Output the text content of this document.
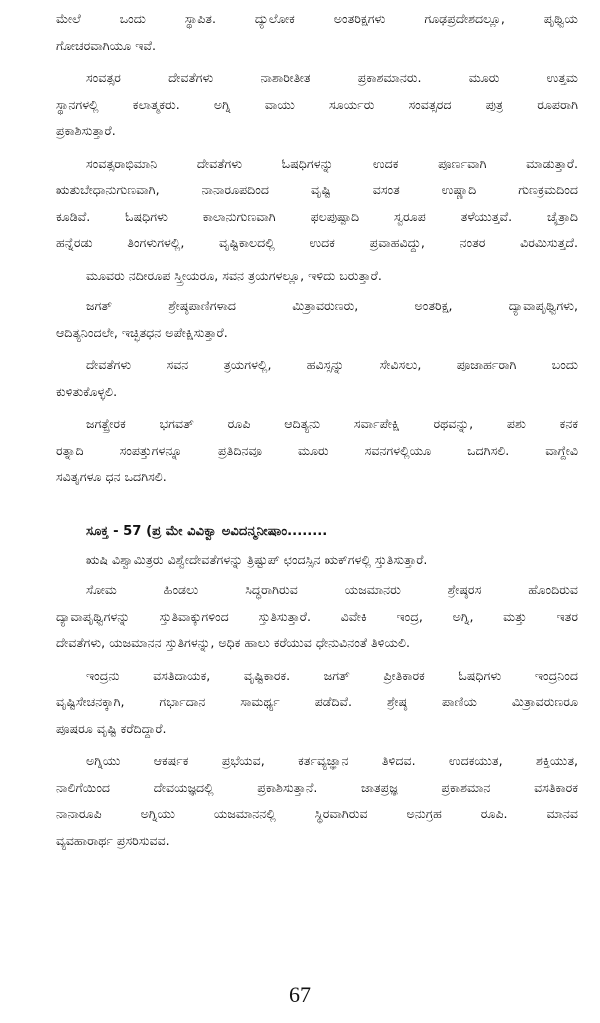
ಮೇಲೆ ಒಂದು ಸ್ಥಾಪಿತ. ದ್ಯುಲೋಕ ಅಂತರಿಕ್ಷಗಳು ಗೂಢಪ್ರದೇಶದಲ್ಲೂ, ಪೃಥ್ವಿಯ
ಗೋಚರವಾಗಿಯೂ ಇವೆ.
ಸಂವತ್ಸರ ದೇವತೆಗಳು ನಾಶಾರೀತೀತ ಪ್ರಕಾಶಮಾನರು. ಮೂರು ಉತ್ತಮ
ಸ್ಥಾನಗಳಲ್ಲಿ ಕಲಾತ್ಮಕರು. ಅಗ್ನಿ ವಾಯು ಸೂರ್ಯರು ಸಂವತ್ಸರದ ಪುತ್ರ ರೂಪರಾಗಿ
ಪ್ರಕಾಶಿಸುತ್ತಾರೆ.
ಸಂವತ್ಸರಾಭಿಮಾನಿ ದೇವತೆಗಳು ಓಷಧಿಗಳನ್ನು ಉದಕ ಪೂರ್ಣವಾಗಿ ಮಾಡುತ್ತಾರೆ.
ಋತುಬೇಧಾನುಗುಣವಾಗಿ, ನಾನಾರೂಪದಿಂದ ವೃಷ್ಟಿ ವಸಂತ ಉಷ್ಣಾದಿ ಗುಣಕ್ರಮದಿಂದ
ಕೂಡಿವೆ. ಓಷಧಿಗಳು ಕಾಲಾನುಗುಣವಾಗಿ ಫಲಪುಷ್ಪಾದಿ ಸ್ವರೂಪ ತಳೆಯುತ್ತವೆ. ಚೈತ್ರಾದಿ
ಹನ್ನೆರಡು ತಿಂಗಳುಗಳಲ್ಲಿ, ವೃಷ್ಟಿಕಾಲದಲ್ಲಿ ಉದಕ ಪ್ರವಾಹವಿದ್ದು, ನಂತರ ವಿರಮಿಸುತ್ತದೆ.
ಮೂವರು ನದೀರೂಪ ಸ್ತ್ರೀಯರೂ, ಸವನ ತ್ರಯಗಳಲ್ಲೂ, ಇಳಿದು ಬರುತ್ತಾರೆ.
ಜಗತ್ ಶ್ರೇಷ್ಠಪಾಣಿಗಳಾದ ಮಿತ್ರಾವರುಣರು, ಅಂತರಿಕ್ಷ, ದ್ಯಾವಾಪೃಥ್ವಿಗಳು,
ಆದಿತ್ಯನಿಂದಲೇ, ಇಚ್ಛಿತಧನ ಅಪೇಕ್ಷಿಸುತ್ತಾರೆ.
ದೇವತೆಗಳು ಸವನ ತ್ರಯಗಳಲ್ಲಿ, ಹವಿಸ್ಸನ್ನು ಸೇವಿಸಲು, ಪೂಜಾರ್ಹರಾಗಿ ಬಂದು
ಕುಳಿತುಕೊಳ್ಳಲಿ.
ಜಗತ್ಪ್ರೇರಕ ಭಗವತ್ ರೂಪಿ ಆದಿತ್ಯನು ಸರ್ವಾಪೇಕ್ಷಿ ರಥವನ್ನು, ಪಶು ಕನಕ
ರತ್ನಾದಿ ಸಂಪತ್ತುಗಳನ್ನೂ ಪ್ರತಿದಿನವೂ ಮೂರು ಸವನಗಳಲ್ಲಿಯೂ ಒದಗಿಸಲಿ. ವಾಗ್ದೇವಿ
ಸವಿತೃಗಳೂ ಧನ ಒದಗಿಸಲಿ.
ಸೂಕ್ತ - 57 (ಪ್ರ ಮೇ ವಿವಿಕ್ವಾ ಅವಿದನ್ಮನೀಷಾಂ........
ಋಷಿ ವಿಶ್ವಾಮಿತ್ರರು ವಿಶ್ವೇದೇವತೆಗಳನ್ನು ತ್ರಿಷ್ಟುಪ್ ಛಂದಸ್ಸಿನ ಋಕ್‌ಗಳಲ್ಲಿ ಸ್ತುತಿಸುತ್ತಾರೆ.
ಸೋಮ ಹಿಂಡಲು ಸಿದ್ಧರಾಗಿರುವ ಯಜಮಾನರು ಶ್ರೇಷ್ಠರಸ ಹೊಂದಿರುವ
ದ್ಯಾವಾಪೃಥ್ವಿಗಳನ್ನು ಸ್ತುತಿವಾಕ್ಕುಗಳಿಂದ ಸ್ತುತಿಸುತ್ತಾರೆ. ವಿವೇಕಿ ಇಂದ್ರ, ಅಗ್ನಿ, ಮತ್ತು ಇತರ
ದೇವತೆಗಳು, ಯಜಮಾನನ ಸ್ತುತಿಗಳನ್ನು, ಅಧಿಕ ಹಾಲು ಕರೆಯುವ ಧೇನುವಿನಂತೆ ತಿಳಿಯಲಿ.
ಇಂದ್ರನು ವಸತಿದಾಯಕ, ವೃಷ್ಟಿಕಾರಕ. ಜಗತ್ ಪ್ರೀತಿಕಾರಕ ಓಷಧಿಗಳು ಇಂದ್ರನಿಂದ
ವೃಷ್ಟಿಸೇಚನಕ್ಕಾಗಿ, ಗರ್ಭಾದಾನ ಸಾಮರ್ಥ್ಯ ಪಡೆದಿವೆ. ಶ್ರೇಷ್ಠ ಪಾಣಿಯ ಮಿತ್ರಾವರುಣರೂ
ಪೂಷರೂ ವೃಷ್ಟಿ ಕರೆದಿದ್ದಾರೆ.
ಅಗ್ನಿಯು ಆಕರ್ಷಕ ಪ್ರಭೆಯವ, ಕರ್ತವ್ಯಜ್ಞಾನ ತಿಳಿದವ. ಉದಕಯುತ, ಶಕ್ತಿಯುತ,
ನಾಲಿಗೆಯಿಂದ ದೇವಯಜ್ಞದಲ್ಲಿ ಪ್ರಕಾಶಿಸುತ್ತಾನೆ. ಜಾತಪ್ರಜ್ಞ ಪ್ರಕಾಶಮಾನ ವಸತಿಕಾರಕ
ನಾನಾರೂಪಿ ಅಗ್ನಿಯು ಯಜಮಾನನಲ್ಲಿ ಸ್ಥಿರವಾಗಿರುವ ಅನುಗ್ರಹ ರೂಪಿ. ಮಾನವ
ವ್ಯವಹಾರಾರ್ಥ ಪ್ರಸರಿಸುವವ.
67
